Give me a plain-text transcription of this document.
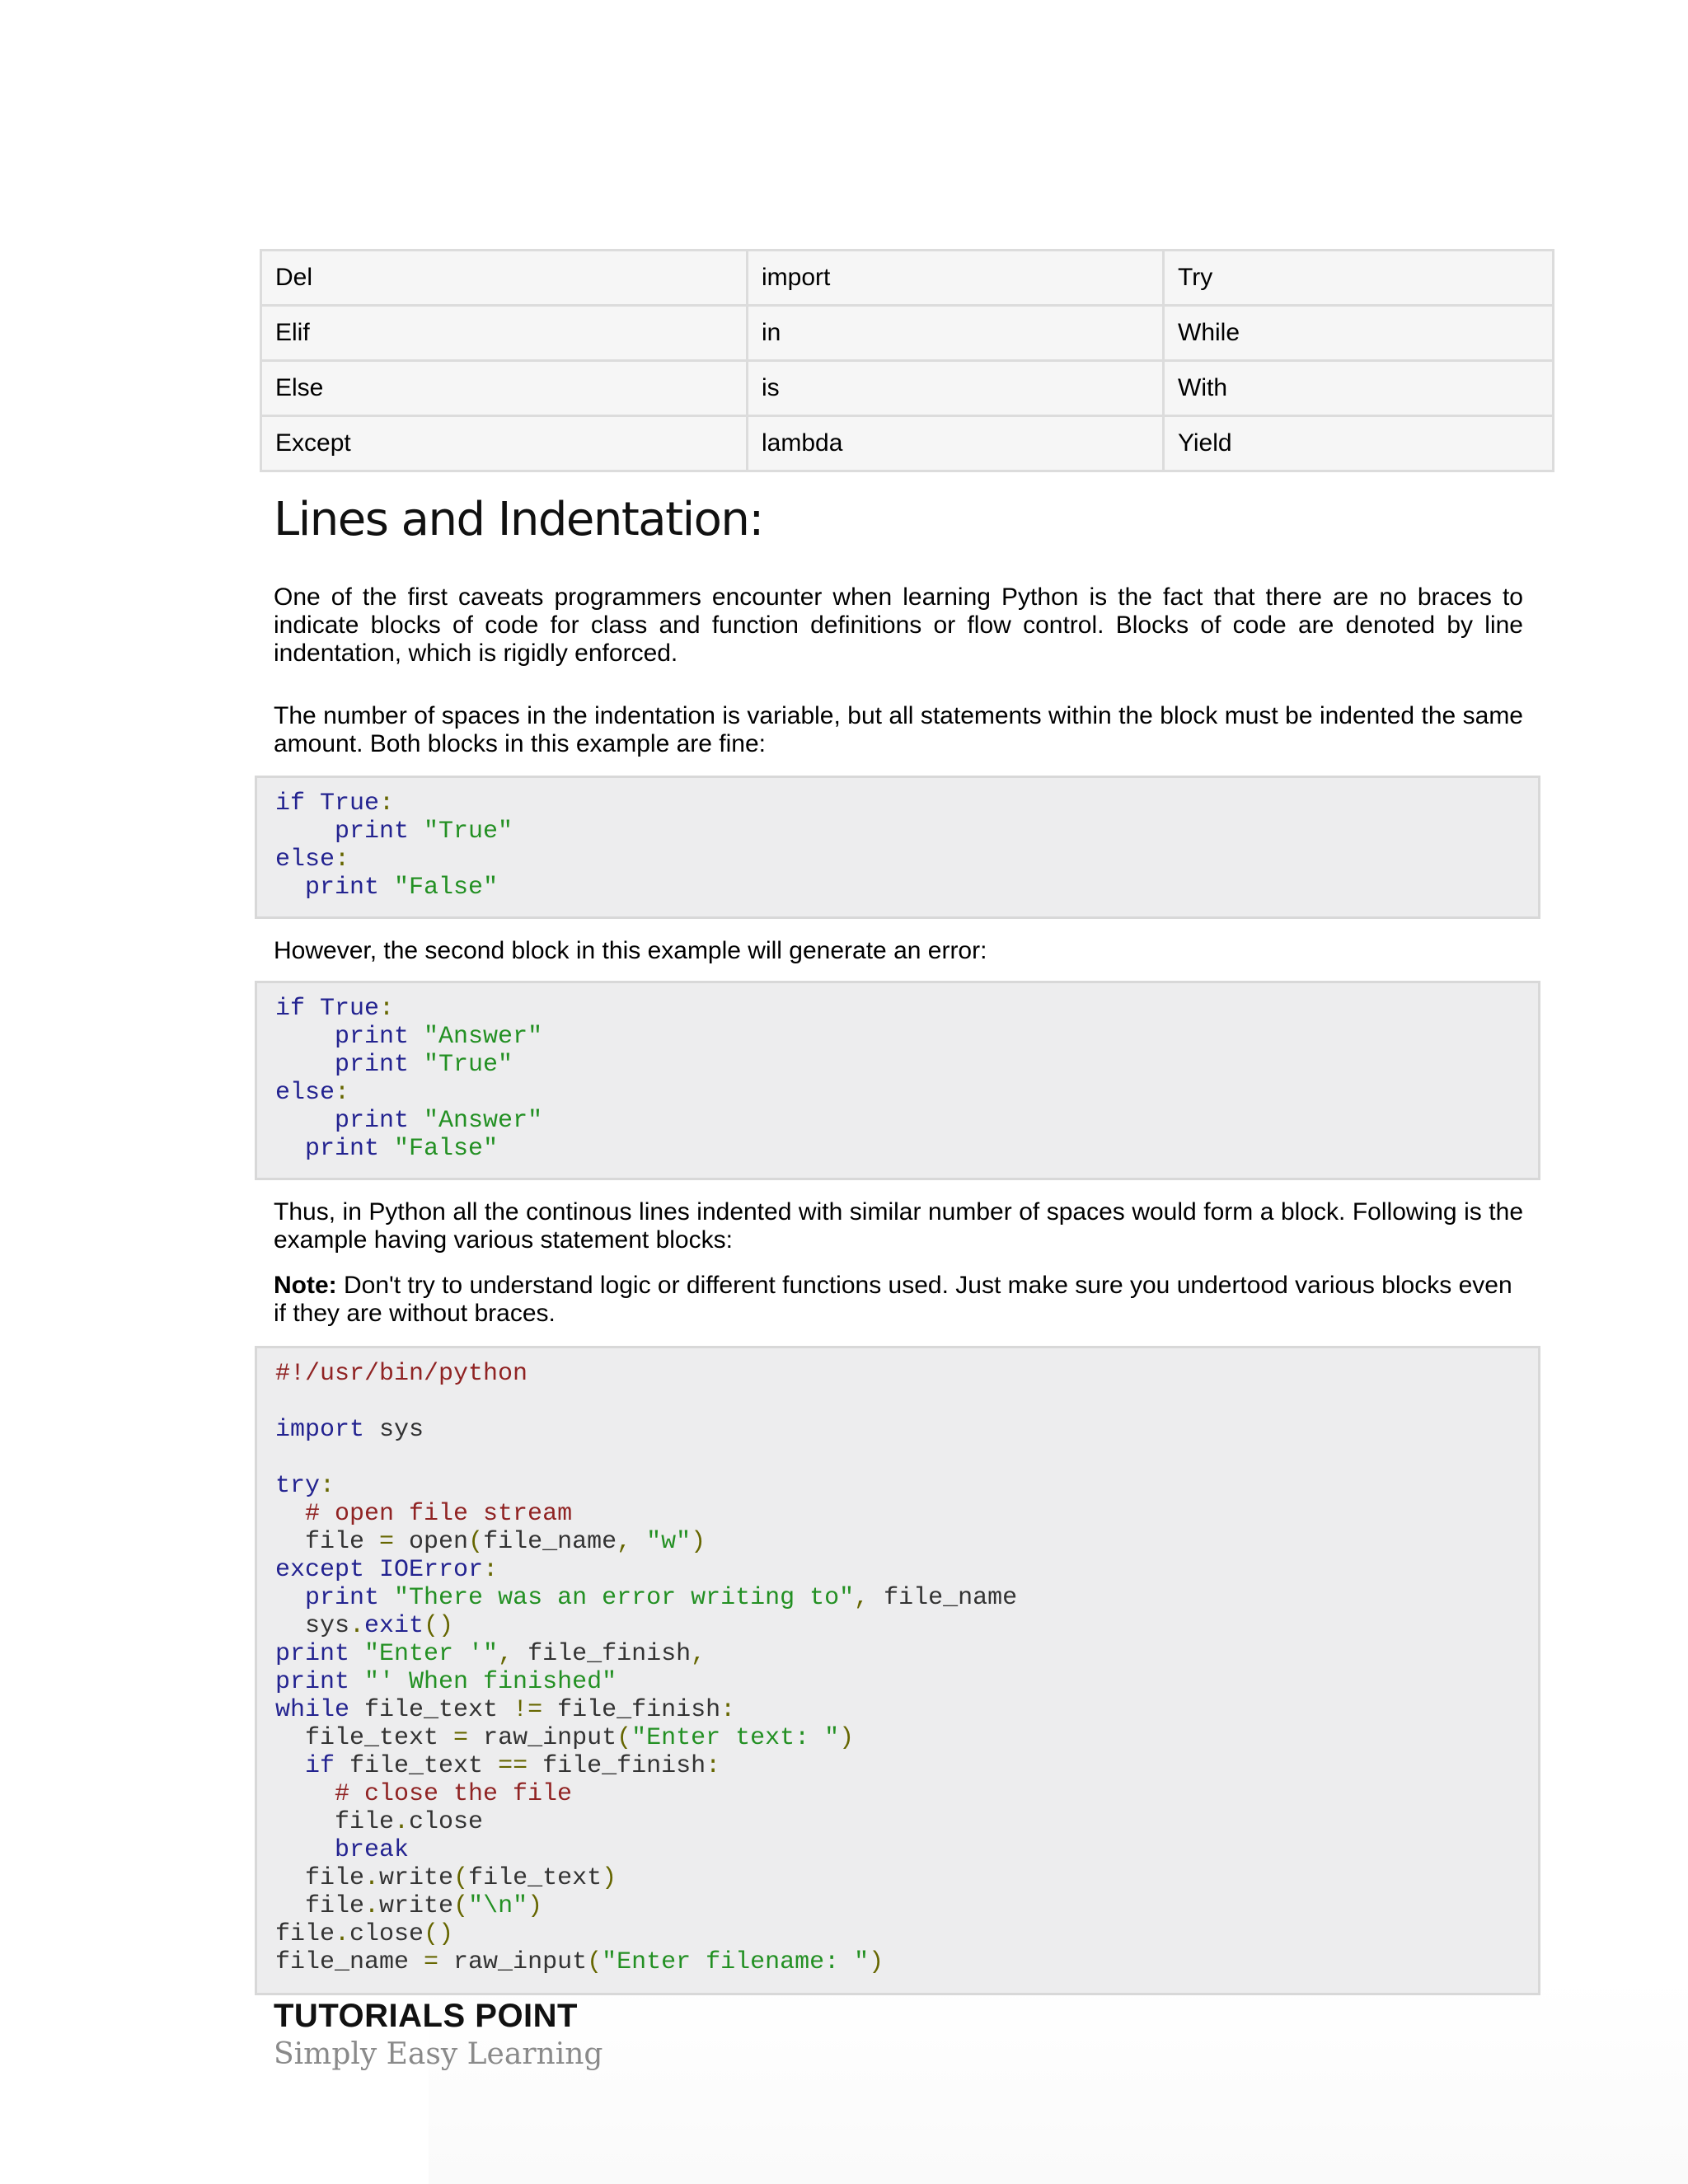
Del	import	Try
Elif	in	While
Else	is	With
Except	lambda	Yield
Lines and Indentation:

One of the first caveats programmers encounter when learning Python is the fact that there are no braces to indicate blocks of code for class and function definitions or flow control. Blocks of code are denoted by line indentation, which is rigidly enforced.

The number of spaces in the indentation is variable, but all statements within the block must be indented the same amount. Both blocks in this example are fine:

if True:
print "True"
else:
print "False"

However, the second block in this example will generate an error:

if True:
print "Answer"
print "True"
else:
print "Answer"
print "False"

Thus, in Python all the continous lines indented with similar number of spaces would form a block. Following is the example having various statement blocks:

Note: Don't try to understand logic or different functions used. Just make sure you undertood various blocks even if they are without braces.

#!/usr/bin/python

import sys

try:
# open file stream
file = open(file_name, "w")
except IOError:
print "There was an error writing to", file_name
sys.exit()
print "Enter '", file_finish,
print "' When finished"
while file_text != file_finish:
file_text = raw_input("Enter text: ")
if file_text == file_finish:
# close the file
file.close
break
file.write(file_text)
file.write("\n")
file.close()
file_name = raw_input("Enter filename: ")
TUTORIALS POINT
Simply Easy Learning
